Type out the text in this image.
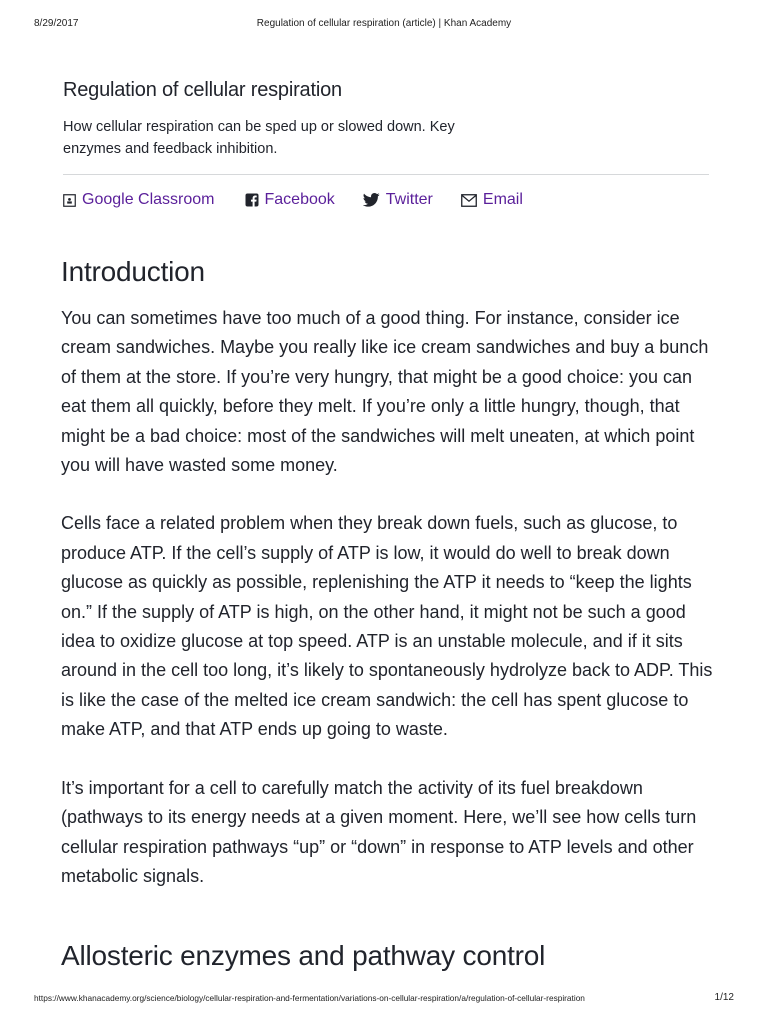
8/29/2017	Regulation of cellular respiration (article) | Khan Academy
Regulation of cellular respiration

How cellular respiration can be sped up or slowed down. Key enzymes and feedback inhibition.

Google Classroom	Facebook	Twitter	Email
Introduction

You can sometimes have too much of a good thing. For instance, consider ice cream sandwiches. Maybe you really like ice cream sandwiches and buy a bunch of them at the store. If you’re very hungry, that might be a good choice: you can eat them all quickly, before they melt. If you’re only a little hungry, though, that might be a bad choice: most of the sandwiches will melt uneaten, at which point you will have wasted some money.

Cells face a related problem when they break down fuels, such as glucose, to produce ATP. If the cell’s supply of ATP is low, it would do well to break down glucose as quickly as possible, replenishing the ATP it needs to “keep the lights on.” If the supply of ATP is high, on the other hand, it might not be such a good idea to oxidize glucose at top speed. ATP is an unstable molecule, and if it sits around in the cell too long, it’s likely to spontaneously hydrolyze back to ADP. This is like the case of the melted ice cream sandwich: the cell has spent glucose to make ATP, and that ATP ends up going to waste.

It’s important for a cell to carefully match the activity of its fuel breakdown (pathways to its energy needs at a given moment. Here, we’ll see how cells turn cellular respiration pathways “up” or “down” in response to ATP levels and other metabolic signals.

Allosteric enzymes and pathway control
https://www.khanacademy.org/science/biology/cellular-respiration-and-fermentation/variations-on-cellular-respiration/a/regulation-of-cellular-respiration	1/12
